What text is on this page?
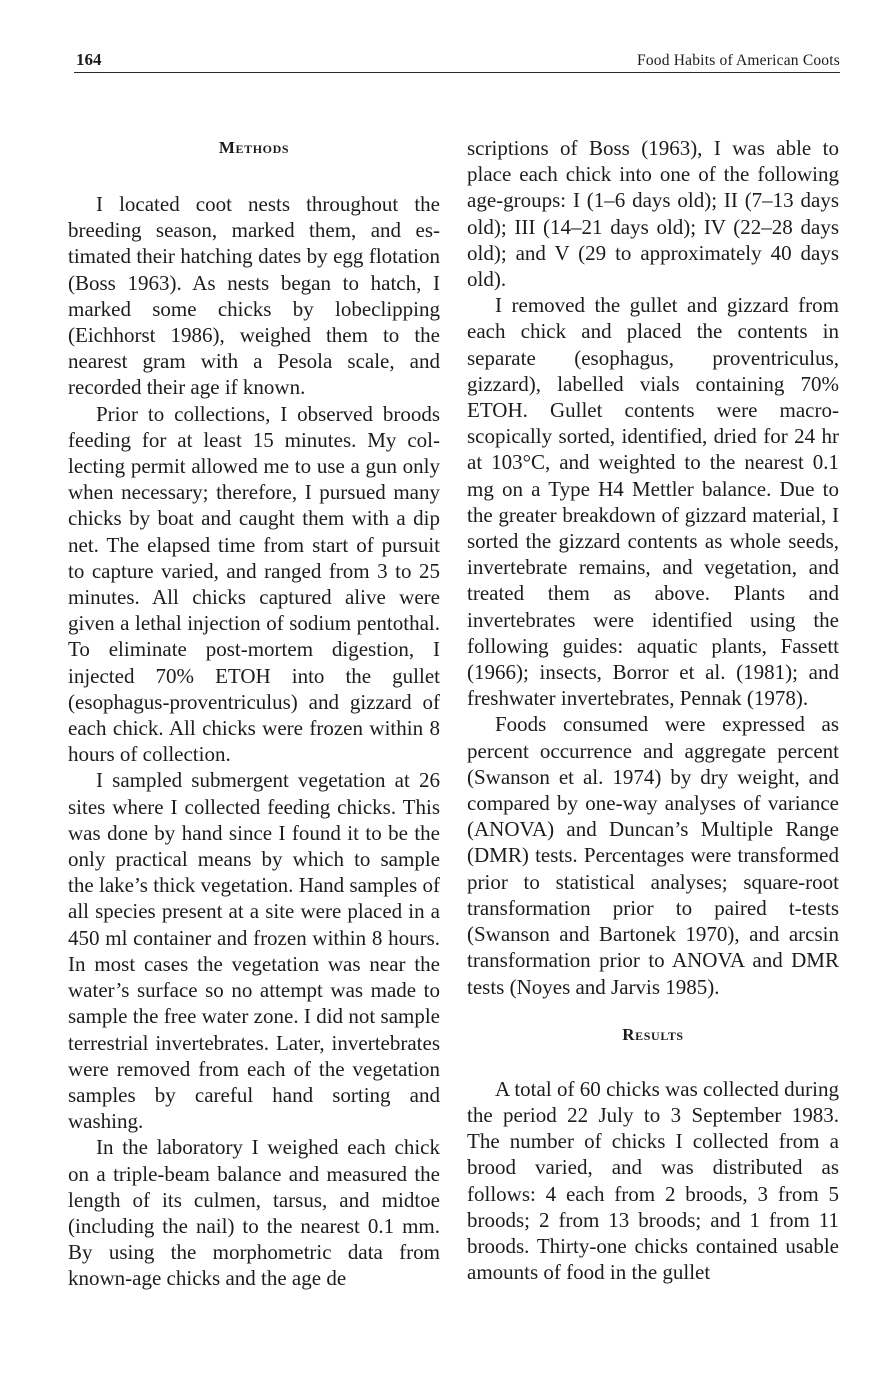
164	Food Habits of American Coots
Methods

I located coot nests throughout the breeding season, marked them, and estimated their hatching dates by egg flotation (Boss 1963). As nests began to hatch, I marked some chicks by lobeclipping (Eichhorst 1986), weighed them to the nearest gram with a Pesola scale, and recorded their age if known.

Prior to collections, I observed broods feeding for at least 15 minutes. My collecting permit allowed me to use a gun only when necessary; therefore, I pursued many chicks by boat and caught them with a dip net. The elapsed time from start of pursuit to capture varied, and ranged from 3 to 25 minutes. All chicks captured alive were given a lethal injection of sodium pentothal. To eliminate post-mortem digestion, I injected 70% ETOH into the gullet (esophagus-proventriculus) and gizzard of each chick. All chicks were frozen within 8 hours of collection.

I sampled submergent vegetation at 26 sites where I collected feeding chicks. This was done by hand since I found it to be the only practical means by which to sample the lake’s thick vegetation. Hand samples of all species present at a site were placed in a 450 ml container and frozen within 8 hours. In most cases the vegetation was near the water’s surface so no attempt was made to sample the free water zone. I did not sample terrestrial invertebrates. Later, invertebrates were removed from each of the vegetation samples by careful hand sorting and washing.

In the laboratory I weighed each chick on a triple-beam balance and measured the length of its culmen, tarsus, and midtoe (including the nail) to the nearest 0.1 mm. By using the morphometric data from known-age chicks and the age de

scriptions of Boss (1963), I was able to place each chick into one of the following age-groups: I (1–6 days old); II (7–13 days old); III (14–21 days old); IV (22–28 days old); and V (29 to approximately 40 days old).

I removed the gullet and gizzard from each chick and placed the contents in separate (esophagus, proventriculus, gizzard), labelled vials containing 70% ETOH. Gullet contents were macroscopically sorted, identified, dried for 24 hr at 103°C, and weighted to the nearest 0.1 mg on a Type H4 Mettler balance. Due to the greater breakdown of gizzard material, I sorted the gizzard contents as whole seeds, invertebrate remains, and vegetation, and treated them as above. Plants and invertebrates were identified using the following guides: aquatic plants, Fassett (1966); insects, Borror et al. (1981); and freshwater invertebrates, Pennak (1978).

Foods consumed were expressed as percent occurrence and aggregate percent (Swanson et al. 1974) by dry weight, and compared by one-way analyses of variance (ANOVA) and Duncan’s Multiple Range (DMR) tests. Percentages were transformed prior to statistical analyses; square-root transformation prior to paired t-tests (Swanson and Bartonek 1970), and arcsin transformation prior to ANOVA and DMR tests (Noyes and Jarvis 1985).

Results

A total of 60 chicks was collected during the period 22 July to 3 September 1983. The number of chicks I collected from a brood varied, and was distributed as follows: 4 each from 2 broods, 3 from 5 broods; 2 from 13 broods; and 1 from 11 broods. Thirty-one chicks contained usable amounts of food in the gullet
